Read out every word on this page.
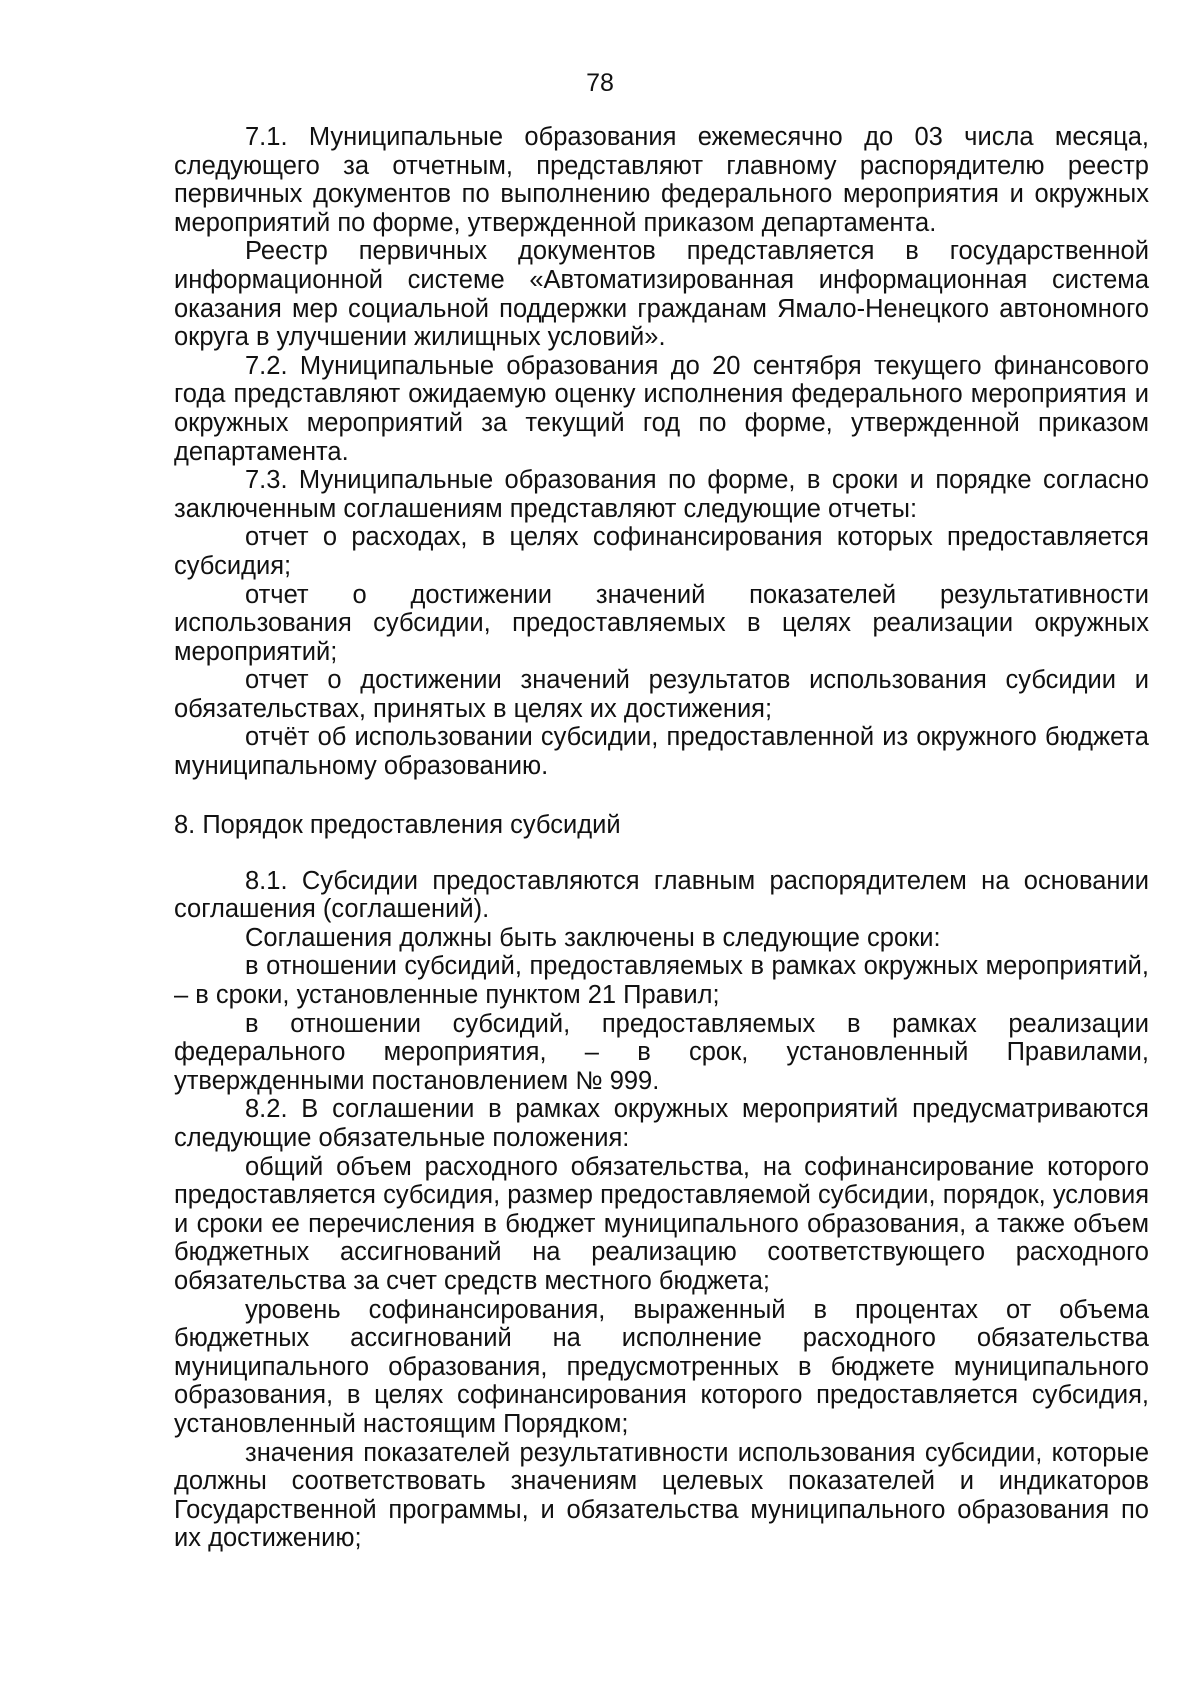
78

7.1. Муниципальные образования ежемесячно до 03 числа месяца, следующего за отчетным, представляют главному распорядителю реестр первичных документов по выполнению федерального мероприятия и окружных мероприятий по форме, утвержденной приказом департамента.

Реестр первичных документов представляется в государственной информационной системе «Автоматизированная информационная система оказания мер социальной поддержки гражданам Ямало-Ненецкого автономного округа в улучшении жилищных условий».

7.2. Муниципальные образования до 20 сентября текущего финансового года представляют ожидаемую оценку исполнения федерального мероприятия и окружных мероприятий за текущий год по форме, утвержденной приказом департамента.

7.3. Муниципальные образования по форме, в сроки и порядке согласно заключенным соглашениям представляют следующие отчеты:

отчет о расходах, в целях софинансирования которых предоставляется субсидия;

отчет о достижении значений показателей результативности использования субсидии, предоставляемых в целях реализации окружных мероприятий;

отчет о достижении значений результатов использования субсидии и обязательствах, принятых в целях их достижения;

отчёт об использовании субсидии, предоставленной из окружного бюджета муниципальному образованию.

8. Порядок предоставления субсидий

8.1. Субсидии предоставляются главным распорядителем на основании соглашения (соглашений).

Соглашения должны быть заключены в следующие сроки:

в отношении субсидий, предоставляемых в рамках окружных мероприятий, – в сроки, установленные пунктом 21 Правил;

в отношении субсидий, предоставляемых в рамках реализации федерального мероприятия, – в срок, установленный Правилами, утвержденными постановлением № 999.

8.2. В соглашении в рамках окружных мероприятий предусматриваются следующие обязательные положения:

общий объем расходного обязательства, на софинансирование которого предоставляется субсидия, размер предоставляемой субсидии, порядок, условия и сроки ее перечисления в бюджет муниципального образования, а также объем бюджетных ассигнований на реализацию соответствующего расходного обязательства за счет средств местного бюджета;

уровень софинансирования, выраженный в процентах от объема бюджетных ассигнований на исполнение расходного обязательства муниципального образования, предусмотренных в бюджете муниципального образования, в целях софинансирования которого предоставляется субсидия, установленный настоящим Порядком;

значения показателей результативности использования субсидии, которые должны соответствовать значениям целевых показателей и индикаторов Государственной программы, и обязательства муниципального образования по их достижению;
